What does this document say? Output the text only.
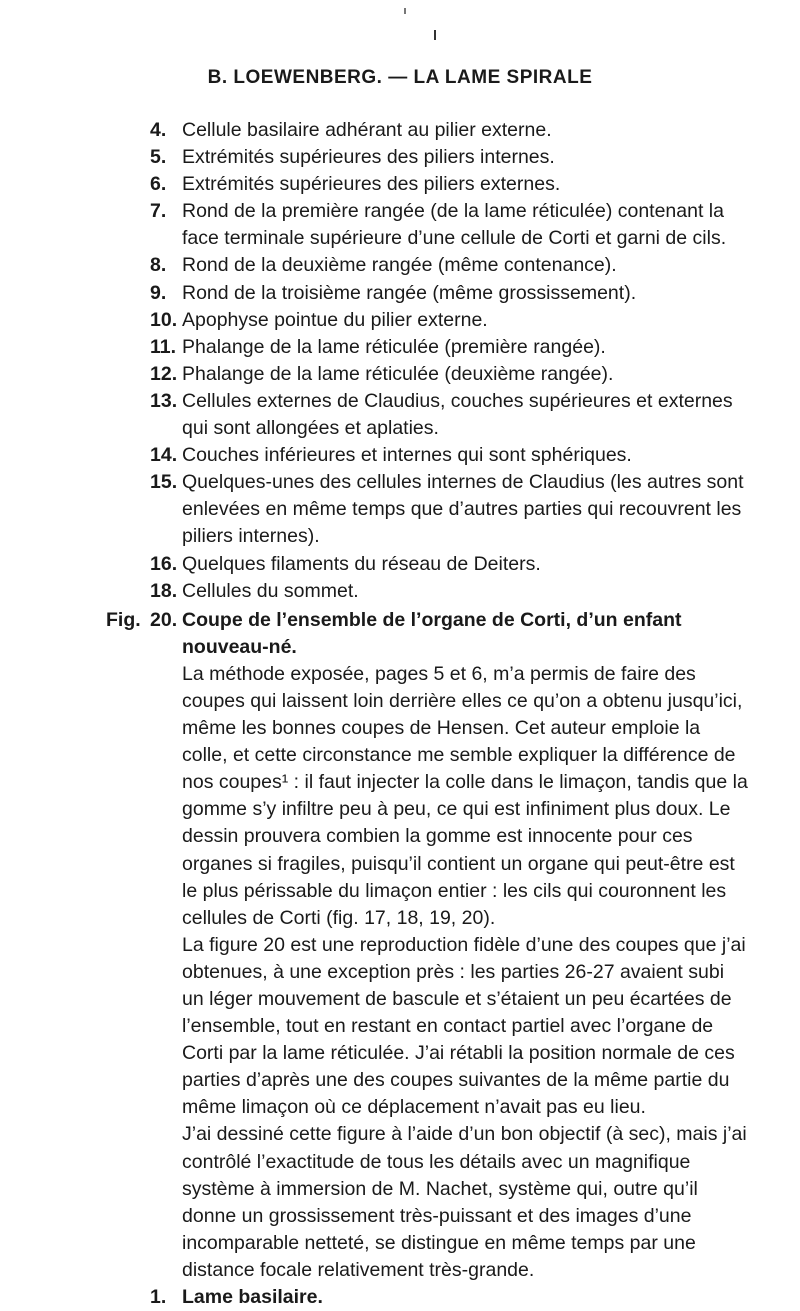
B. LOEWENBERG. — LA LAME SPIRALE
4. Cellule basilaire adhérant au pilier externe.
5. Extrémités supérieures des piliers internes.
6. Extrémités supérieures des piliers externes.
7. Rond de la première rangée (de la lame réticulée) contenant la face terminale supérieure d’une cellule de Corti et garni de cils.
8. Rond de la deuxième rangée (même contenance).
9. Rond de la troisième rangée (même grossissement).
10. Apophyse pointue du pilier externe.
11. Phalange de la lame réticulée (première rangée).
12. Phalange de la lame réticulée (deuxième rangée).
13. Cellules externes de Claudius, couches supérieures et externes qui sont allongées et aplaties.
14. Couches inférieures et internes qui sont sphériques.
15. Quelques-unes des cellules internes de Claudius (les autres sont enlevées en même temps que d’autres parties qui recouvrent les piliers internes).
16. Quelques filaments du réseau de Deiters.
18. Cellules du sommet.
Fig. 20. Coupe de l’ensemble de l’organe de Corti, d’un enfant nouveau-né.
La méthode exposée, pages 5 et 6, m’a permis de faire des coupes qui laissent loin derrière elles ce qu’on a obtenu jusqu’ici, même les bonnes coupes de Hensen. Cet auteur emploie la colle, et cette circonstance me semble expliquer la différence de nos coupes¹ : il faut injecter la colle dans le limaçon, tandis que la gomme s’y infiltre peu à peu, ce qui est infiniment plus doux. Le dessin prouvera combien la gomme est innocente pour ces organes si fragiles, puisqu’il contient un organe qui peut-être est le plus périssable du limaçon entier : les cils qui couronnent les cellules de Corti (fig. 17, 18, 19, 20).
La figure 20 est une reproduction fidèle d’une des coupes que j’ai obtenues, à une exception près : les parties 26-27 avaient subi un léger mouvement de bascule et s’étaient un peu écartées de l’ensemble, tout en restant en contact partiel avec l’organe de Corti par la lame réticulée. J’ai rétabli la position normale de ces parties d’après une des coupes suivantes de la même partie du même limaçon où ce déplacement n’avait pas eu lieu.
J’ai dessiné cette figure à l’aide d’un bon objectif (à sec), mais j’ai contrôlé l’exactitude de tous les détails avec un magnifique système à immersion de M. Nachet, système qui, outre qu’il donne un grossissement très-puissant et des images d’une incomparable netteté, se distingue en même temps par une distance focale relativement très-grande.
1. Lame basilaire.
